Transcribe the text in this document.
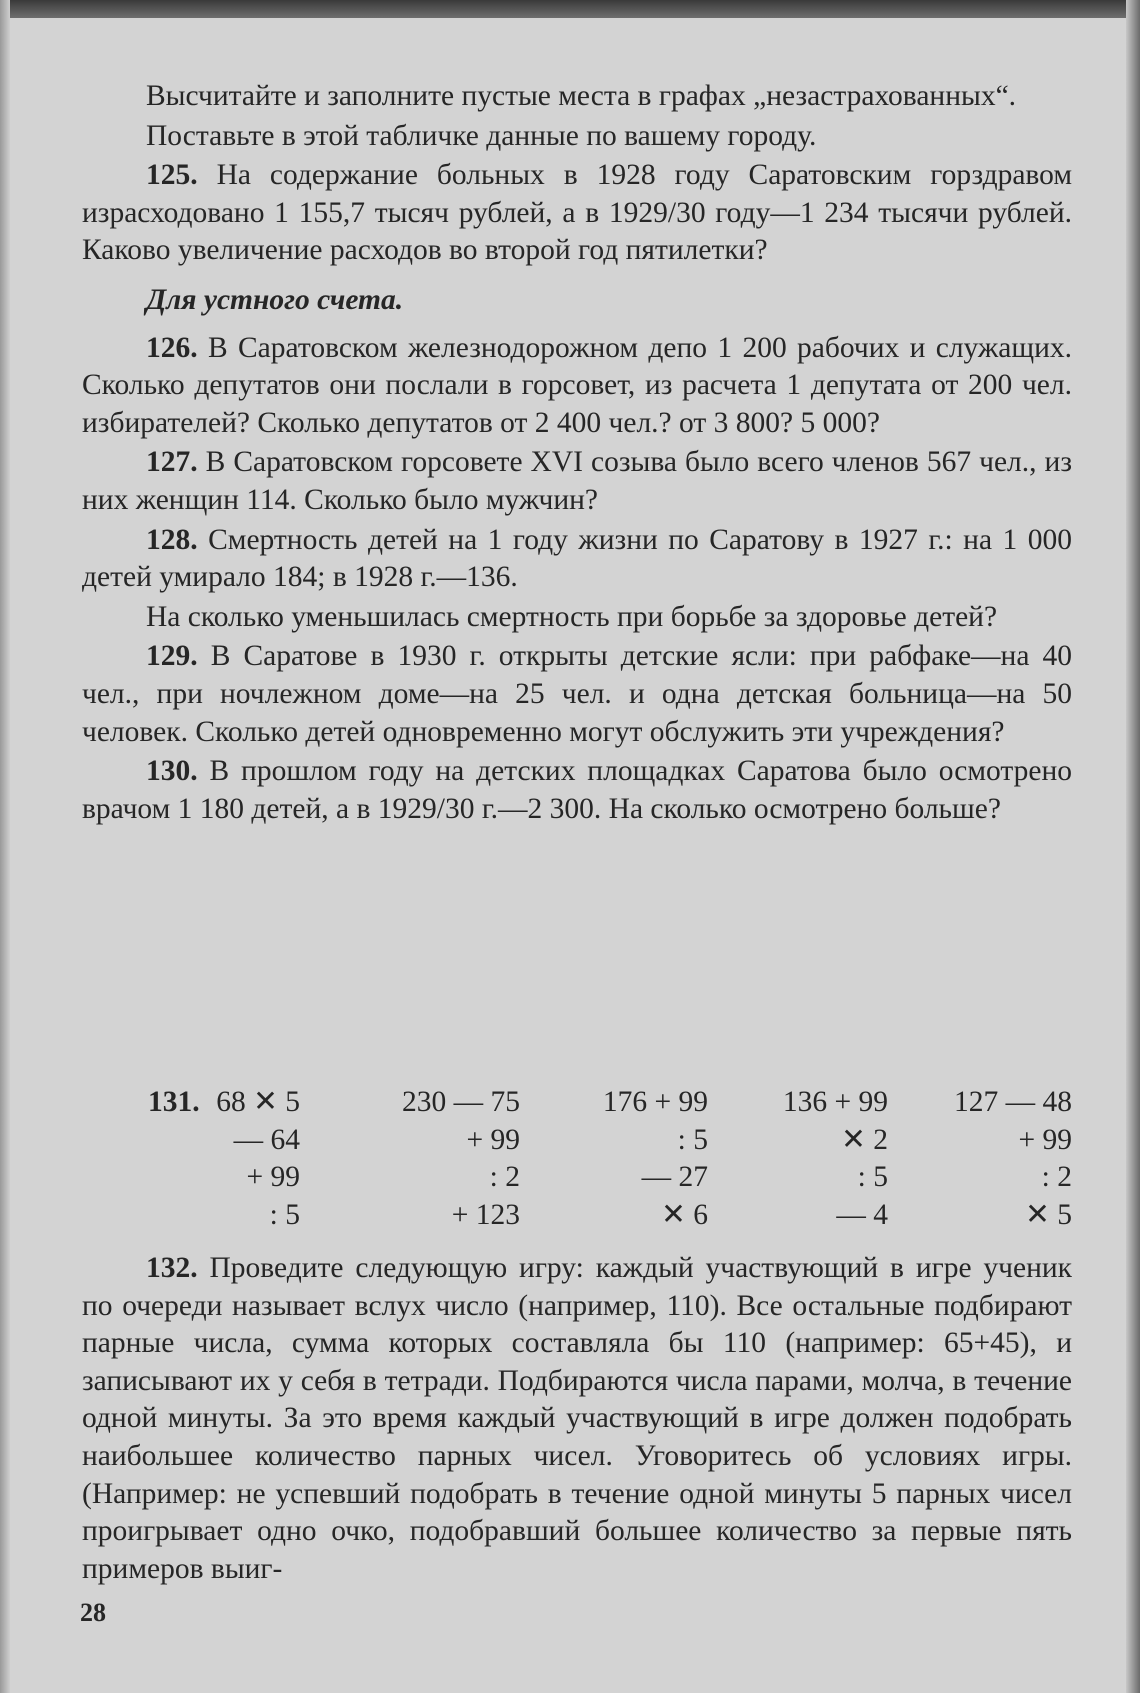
Высчитайте и заполните пустые места в графах „незастрахованных“.

Поставьте в этой табличке данные по вашему городу.

125. На содержание больных в 1928 году Саратовским горздравом израсходовано 1 155,7 тысяч рублей, а в 1929/30 году—1 234 тысячи рублей. Каково увеличение расходов во второй год пятилетки?

Для устного счета.

126. В Саратовском железнодорожном депо 1 200 рабочих и служащих. Сколько депутатов они послали в горсовет, из расчета 1 депутата от 200 чел. избирателей? Сколько депутатов от 2 400 чел.? от 3 800? 5 000?

127. В Саратовском горсовете XVI созыва было всего членов 567 чел., из них женщин 114. Сколько было мужчин?

128. Смертность детей на 1 году жизни по Саратову в 1927 г.: на 1 000 детей умирало 184; в 1928 г.—136.

На сколько уменьшилась смертность при борьбе за здоровье детей?

129. В Саратове в 1930 г. открыты детские ясли: при рабфаке—на 40 чел., при ночлежном доме—на 25 чел. и одна детская больница—на 50 человек. Сколько детей одновременно могут обслужить эти учреждения?

130. В прошлом году на детских площадках Саратова было осмотрено врачом 1 180 детей, а в 1929/30 г.—2 300. На сколько осмотрено больше?

131. 68 ✕ 5
— 64
+ 99
: 5
230 — 75
+ 99
: 2
+ 123
176 + 99
: 5
— 27
✕ 6
136 + 99
✕ 2
: 5
— 4
127 — 48
+ 99
: 2
✕ 5

132. Проведите следующую игру: каждый участвующий в игре ученик по очереди называет вслух число (например, 110). Все остальные подбирают парные числа, сумма которых составляла бы 110 (например: 65+45), и записывают их у себя в тетради. Подбираются числа парами, молча, в течение одной минуты. За это время каждый участвующий в игре должен подобрать наибольшее количество парных чисел. Уговоритесь об условиях игры. (Например: не успевший подобрать в течение одной минуты 5 парных чисел проигрывает одно очко, подобравший большее количество за первые пять примеров выиг-

28
